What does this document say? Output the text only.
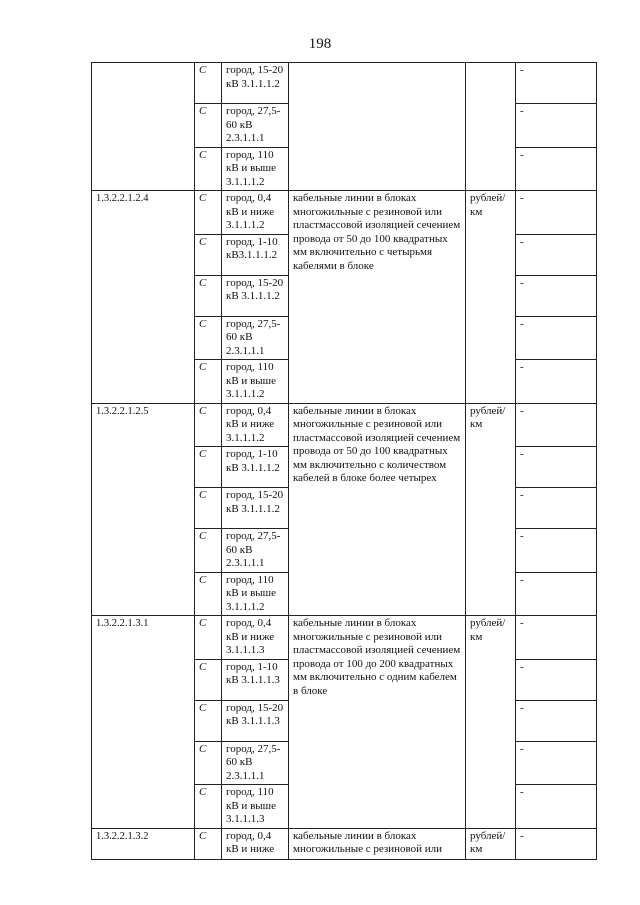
198
	С	город, 15-20 кВ 3.1.1.1.2			-
	С	город, 27,5-60 кВ 2.3.1.1.1			-
	С	город, 110 кВ и выше 3.1.1.1.2			-
1.3.2.2.1.2.4	С	город, 0,4 кВ и ниже 3.1.1.1.2	кабельные линии в блоках многожильные с резиновой или пластмассовой изоляцией сечением провода от 50 до 100 квадратных мм включительно с четырьмя кабелями в блоке	рублей/км	-
	С	город, 1-10 кВ3.1.1.1.2			-
	С	город, 15-20 кВ 3.1.1.1.2			-
	С	город, 27,5-60 кВ 2.3.1.1.1			-
	С	город, 110 кВ и выше 3.1.1.1.2			-
1.3.2.2.1.2.5	С	город, 0,4 кВ и ниже 3.1.1.1.2	кабельные линии в блоках многожильные с резиновой или пластмассовой изоляцией сечением провода от 50 до 100 квадратных мм включительно с количеством кабелей в блоке более четырех	рублей/км	-
	С	город, 1-10 кВ 3.1.1.1.2			-
	С	город, 15-20 кВ 3.1.1.1.2			-
	С	город, 27,5-60 кВ 2.3.1.1.1			-
	С	город, 110 кВ и выше 3.1.1.1.2			-
1.3.2.2.1.3.1	С	город, 0,4 кВ и ниже 3.1.1.1.3	кабельные линии в блоках многожильные с резиновой или пластмассовой изоляцией сечением провода от 100 до 200 квадратных мм включительно с одним кабелем в блоке	рублей/км	-
	С	город, 1-10 кВ 3.1.1.1.3			-
	С	город, 15-20 кВ 3.1.1.1.3			-
	С	город, 27,5-60 кВ 2.3.1.1.1			-
	С	город, 110 кВ и выше 3.1.1.1.3			-
1.3.2.2.1.3.2	С	город, 0,4 кВ и ниже	кабельные линии в блоках многожильные с резиновой или	рублей/км	-
